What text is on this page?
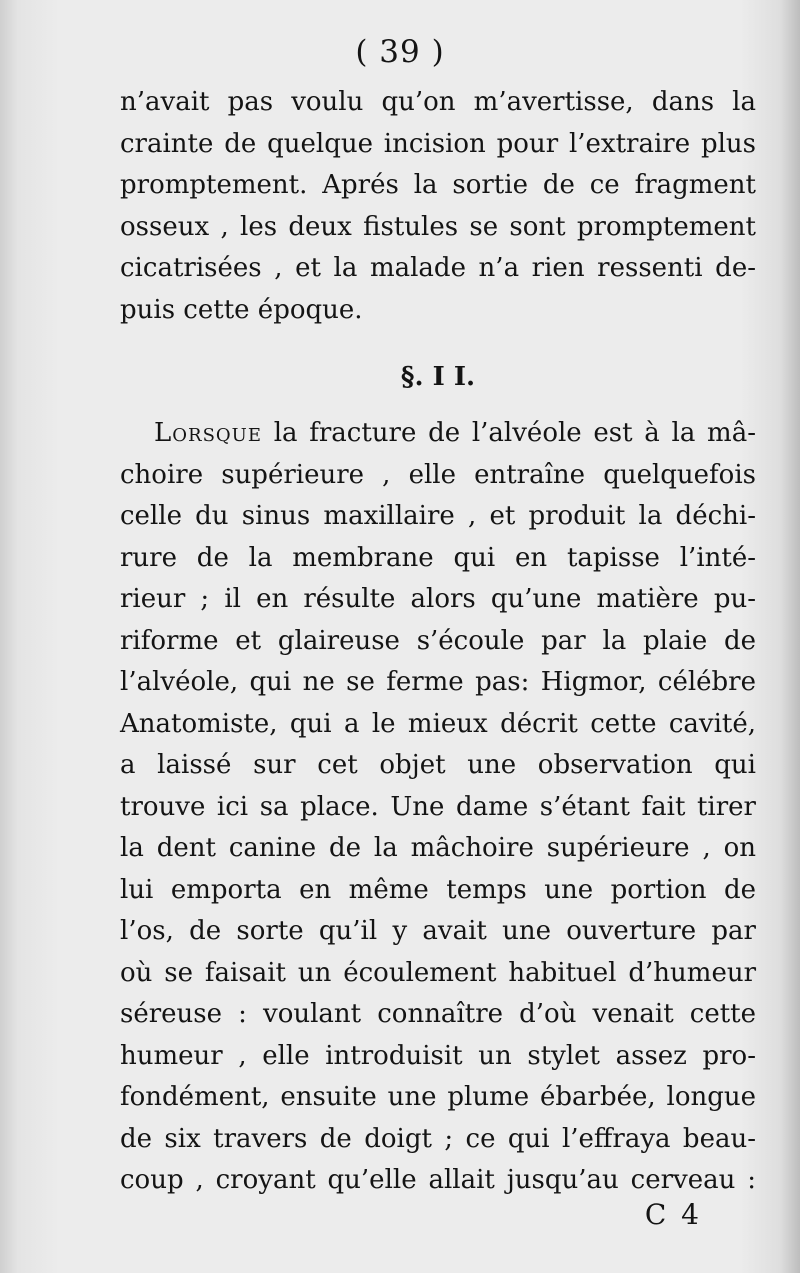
( 39 )
n’avait pas voulu qu’on m’avertisse, dans la
crainte de quelque incision pour l’extraire plus
promptement. Aprés la sortie de ce fragment
osseux , les deux fistules se sont promptement
cicatrisées , et la malade n’a rien ressenti de-
puis cette époque.
§. I I.
Lorsque la fracture de l’alvéole est à la mâ-
choire supérieure , elle entraîne quelquefois
celle du sinus maxillaire , et produit la déchi-
rure de la membrane qui en tapisse l’inté-
rieur ; il en résulte alors qu’une matière pu-
riforme et glaireuse s’écoule par la plaie de
l’alvéole, qui ne se ferme pas: Higmor, célébre
Anatomiste, qui a le mieux décrit cette cavité,
a laissé sur cet objet une observation qui
trouve ici sa place. Une dame s’étant fait tirer
la dent canine de la mâchoire supérieure , on
lui emporta en même temps une portion de
l’os, de sorte qu’il y avait une ouverture par
où se faisait un écoulement habituel d’humeur
séreuse : voulant connaître d’où venait cette
humeur , elle introduisit un stylet assez pro-
fondément, ensuite une plume ébarbée, longue
de six travers de doigt ; ce qui l’effraya beau-
coup , croyant qu’elle allait jusqu’au cerveau :
C 4
